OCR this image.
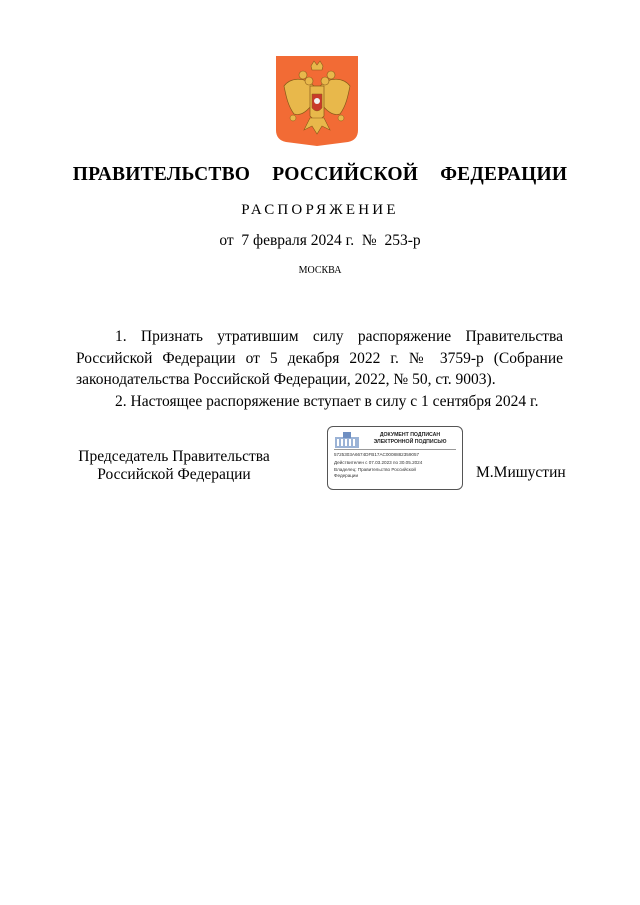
ПРАВИТЕЛЬСТВО  РОССИЙСКОЙ  ФЕДЕРАЦИИ
РАСПОРЯЖЕНИЕ
от  7 февраля 2024 г.  №  253-р
МОСКВА

1. Признать утратившим силу распоряжение Правительства Российской Федерации от 5 декабря 2022 г. № 3759-р (Собрание законодательства Российской Федерации, 2022, № 50, ст. 9003).

2. Настоящее распоряжение вступает в силу с 1 сентября 2024 г.

Председатель Правительства
Российской Федерации
ДОКУМЕНТ ПОДПИСАН
ЭЛЕКТРОННОЙ ПОДПИСЬЮ
5725303A6674DFB17AC0008882359057
Действителен с 07.03.2023 по 30.05.2024
Владелец: Правительство Российской
Федерации	М.Мишустин
